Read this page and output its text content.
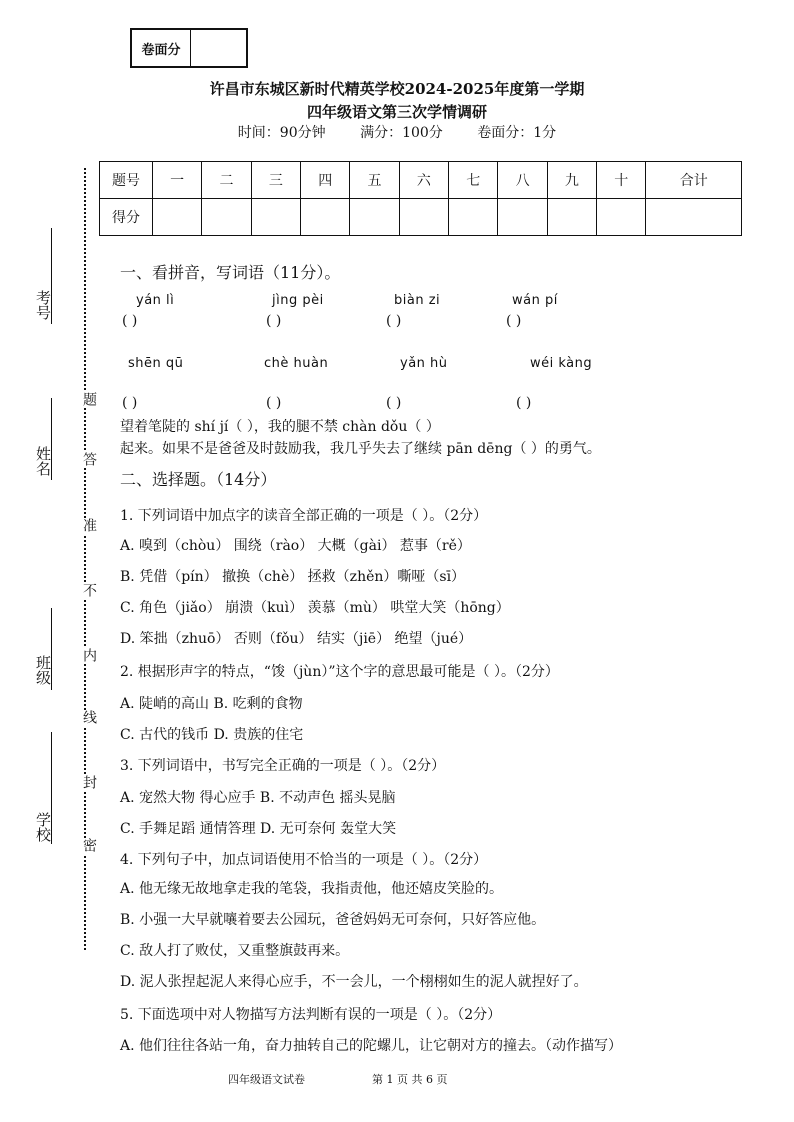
卷面分
许昌市东城区新时代精英学校2024-2025年度第一学期
四年级语文第三次学情调研
时间：90分钟 满分：100分 卷面分：1分
题号	一	二	三	四	五	六	七	八	九	十	合计
得分											
考号
姓名
班级
学校
题
答
准
不
内
线
封
密
一、看拼音，写词语（11分）。
yán lì	jìng pèi	biàn zi	wán pí
( )	( )	( )	( )
shēn qū	chè huàn	yǎn hù	wéi kàng
( )	( )	( )	( )
望着笔陡的 shí jí（ ），我的腿不禁 chàn dǒu（ ）
起来。如果不是爸爸及时鼓励我，我几乎失去了继续 pān dēng（ ）的勇气。
二、选择题。（14分）
1. 下列词语中加点字的读音全部正确的一项是（ ）。（2分）
A. 嗅到（chòu） 围绕（rào） 大概（gài） 惹事（rě）
B. 凭借（pín） 撤换（chè） 拯救（zhěn）嘶哑（sī）
C. 角色（jiǎo） 崩溃（kuì） 羡慕（mù） 哄堂大笑（hōng）
D. 笨拙（zhuō） 否则（fǒu） 结实（jiē） 绝望（jué）
2. 根据形声字的特点，“馂（jùn）”这个字的意思最可能是（ ）。（2分）
A. 陡峭的高山 B. 吃剩的食物
C. 古代的钱币 D. 贵族的住宅
3. 下列词语中，书写完全正确的一项是（ ）。（2分）
A. 宠然大物 得心应手 B. 不动声色 摇头晃脑
C. 手舞足蹈 通情答理 D. 无可奈何 轰堂大笑
4. 下列句子中，加点词语使用不恰当的一项是（ ）。（2分）
A. 他无缘无故地拿走我的笔袋，我指责他，他还嬉皮笑脸的。
B. 小强一大早就嚷着要去公园玩，爸爸妈妈无可奈何，只好答应他。
C. 敌人打了败仗，又重整旗鼓再来。
D. 泥人张捏起泥人来得心应手，不一会儿，一个栩栩如生的泥人就捏好了。
5. 下面选项中对人物描写方法判断有误的一项是（ ）。（2分）
A. 他们往往各站一角，奋力抽转自己的陀螺儿，让它朝对方的撞去。（动作描写）
四年级语文试卷	第 1 页 共 6 页
